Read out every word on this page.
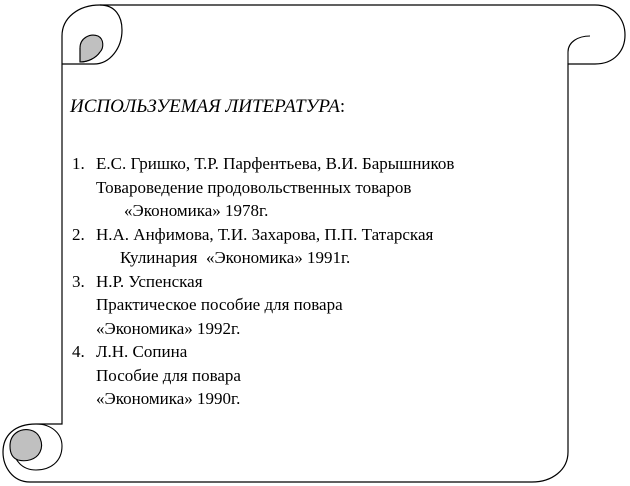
ИСПОЛЬЗУЕМАЯ ЛИТЕРАТУРА:
1. Е.С. Гришко, Т.Р. Парфентьева, В.И. Барышников
Товароведение продовольственных товаров
«Экономика» 1978г.
2. Н.А. Анфимова, Т.И. Захарова, П.П. Татарская
Кулинария  «Экономика» 1991г.
3. Н.Р. Успенская
Практическое пособие для повара
«Экономика» 1992г.
4. Л.Н. Сопина
Пособие для повара
«Экономика» 1990г.
